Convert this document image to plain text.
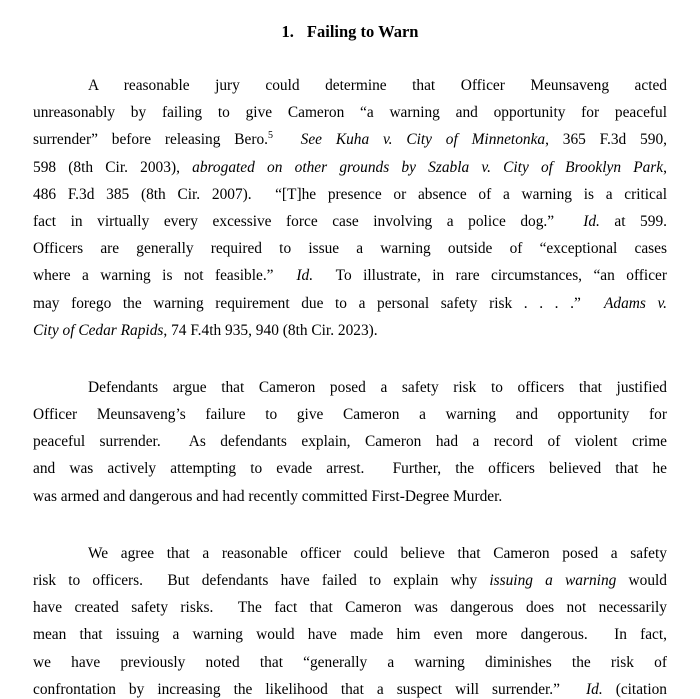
1. Failing to Warn
A reasonable jury could determine that Officer Meunsaveng acted
unreasonably by failing to give Cameron “a warning and opportunity for peaceful
surrender” before releasing Bero.$^5$ See Kuha v. City of Minnetonka, 365 F.3d 590,
598 (8th Cir. 2003), abrogated on other grounds by Szabla v. City of Brooklyn Park,
486 F.3d 385 (8th Cir. 2007).  “[T]he presence or absence of a warning is a critical
fact in virtually every excessive force case involving a police dog.”  Id. at 599.
Officers are generally required to issue a warning outside of “exceptional cases
where a warning is not feasible.”  Id.  To illustrate, in rare circumstances, “an officer
may forego the warning requirement due to a personal safety risk . . . .”  Adams v.
City of Cedar Rapids, 74 F.4th 935, 940 (8th Cir. 2023).
Defendants argue that Cameron posed a safety risk to officers that justified
Officer Meunsaveng’s failure to give Cameron a warning and opportunity for
peaceful surrender.  As defendants explain, Cameron had a record of violent crime
and was actively attempting to evade arrest.  Further, the officers believed that he
was armed and dangerous and had recently committed First-Degree Murder.
We agree that a reasonable officer could believe that Cameron posed a safety
risk to officers.  But defendants have failed to explain why issuing a warning would
have created safety risks.  The fact that Cameron was dangerous does not necessarily
mean that issuing a warning would have made him even more dangerous.  In fact,
we have previously noted that “generally a warning diminishes the risk of
confrontation by increasing the likelihood that a suspect will surrender.”  Id. (citation
